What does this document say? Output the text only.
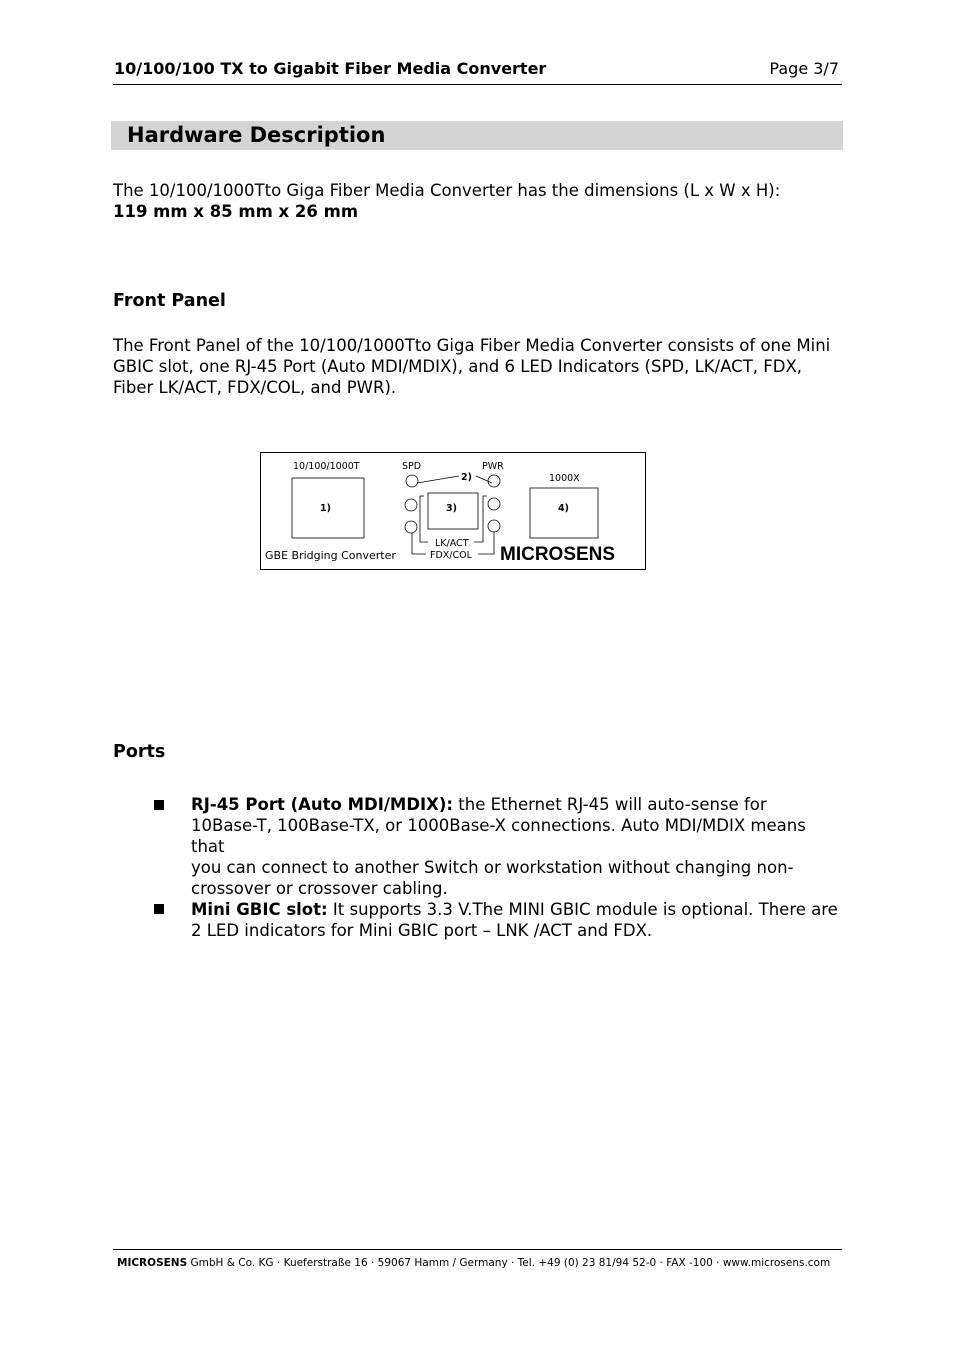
10/100/100 TX to Gigabit Fiber Media Converter	Page 3/7
Hardware Description
The 10/100/1000Tto Giga Fiber Media Converter has the dimensions (L x W x H):
119 mm x 85 mm x 26 mm
Front Panel
The Front Panel of the 10/100/1000Tto Giga Fiber Media Converter consists of one Mini
GBIC slot, one RJ-45 Port (Auto MDI/MDIX), and 6 LED Indicators (SPD, LK/ACT, FDX,
Fiber LK/ACT, FDX/COL, and PWR).
10/100/1000T	SPD	PWR
2)	1000X
1)	3)	4)
LK/ACT
FDX/COL
GBE Bridging Converter	MICROSENS
Ports
RJ-45 Port (Auto MDI/MDIX): the Ethernet RJ-45 will auto-sense for
10Base-T, 100Base-TX, or 1000Base-X connections. Auto MDI/MDIX means that
you can connect to another Switch or workstation without changing non-
crossover or crossover cabling.
Mini GBIC slot: It supports 3.3 V.The MINI GBIC module is optional. There are
2 LED indicators for Mini GBIC port – LNK /ACT and FDX.
MICROSENS GmbH & Co. KG · Kueferstraße 16 · 59067 Hamm / Germany · Tel. +49 (0) 23 81/94 52-0 · FAX -100 · www.microsens.com
